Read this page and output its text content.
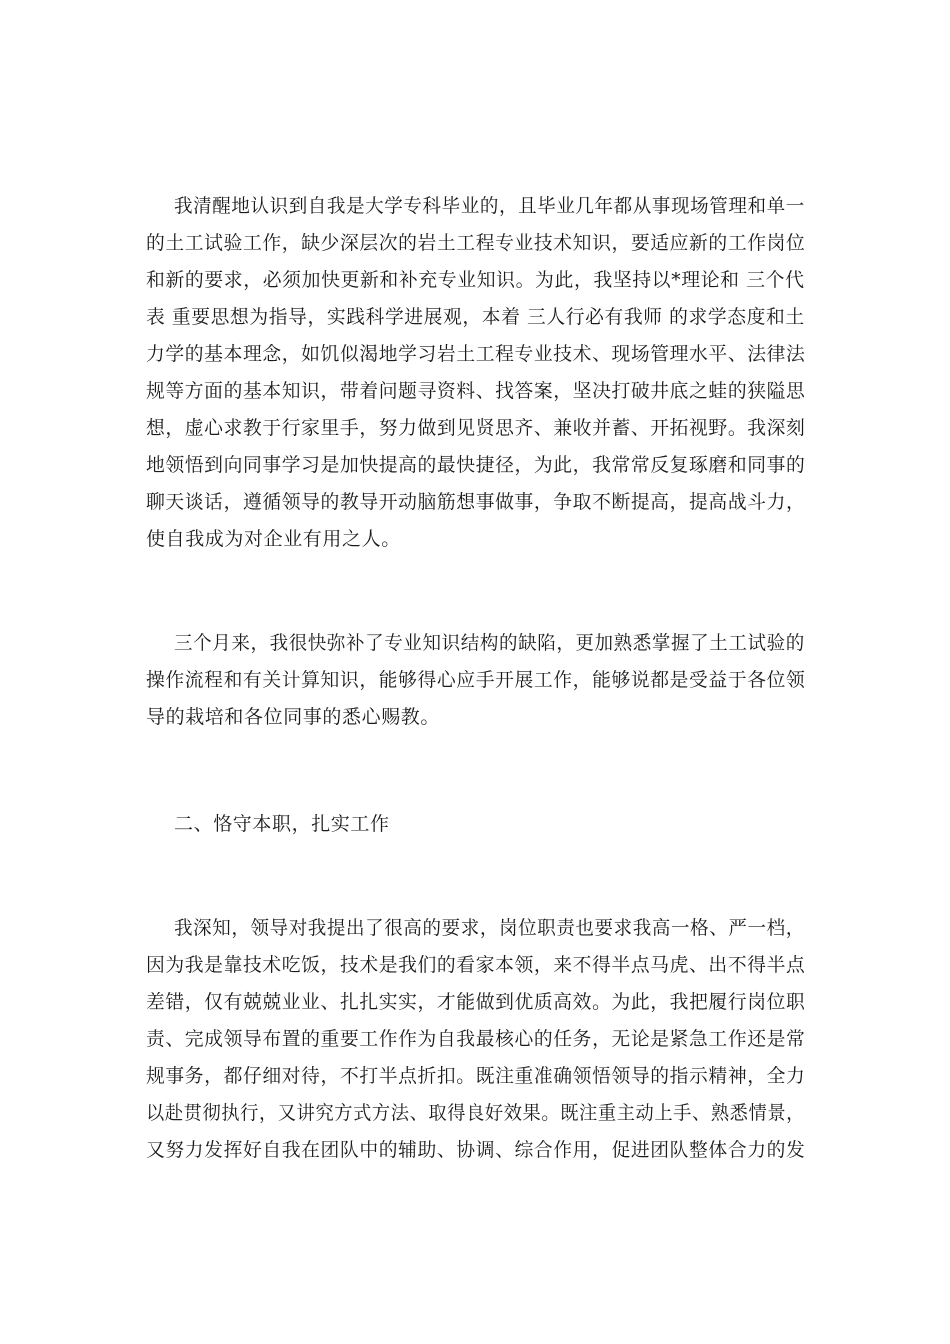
我清醒地认识到自我是大学专科毕业的，且毕业几年都从事现场管理和单一
的土工试验工作，缺少深层次的岩土工程专业技术知识，要适应新的工作岗位
和新的要求，必须加快更新和补充专业知识。为此，我坚持以*理论和 三个代
表 重要思想为指导，实践科学进展观，本着 三人行必有我师 的求学态度和土
力学的基本理念，如饥似渴地学习岩土工程专业技术、现场管理水平、法律法
规等方面的基本知识，带着问题寻资料、找答案，坚决打破井底之蛙的狭隘思
想，虚心求教于行家里手，努力做到见贤思齐、兼收并蓄、开拓视野。我深刻
地领悟到向同事学习是加快提高的最快捷径，为此，我常常反复琢磨和同事的
聊天谈话，遵循领导的教导开动脑筋想事做事，争取不断提高，提高战斗力，
使自我成为对企业有用之人。
三个月来，我很快弥补了专业知识结构的缺陷，更加熟悉掌握了土工试验的
操作流程和有关计算知识，能够得心应手开展工作，能够说都是受益于各位领
导的栽培和各位同事的悉心赐教。
二、恪守本职，扎实工作
我深知，领导对我提出了很高的要求，岗位职责也要求我高一格、严一档，
因为我是靠技术吃饭，技术是我们的看家本领，来不得半点马虎、出不得半点
差错，仅有兢兢业业、扎扎实实，才能做到优质高效。为此，我把履行岗位职
责、完成领导布置的重要工作作为自我最核心的任务，无论是紧急工作还是常
规事务，都仔细对待，不打半点折扣。既注重准确领悟领导的指示精神，全力
以赴贯彻执行，又讲究方式方法、取得良好效果。既注重主动上手、熟悉情景，
又努力发挥好自我在团队中的辅助、协调、综合作用，促进团队整体合力的发
